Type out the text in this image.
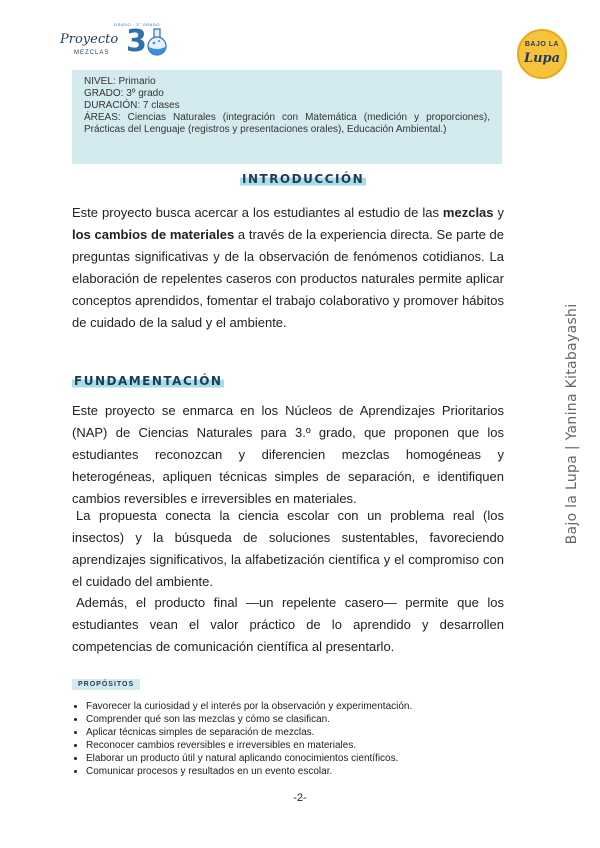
Proyecto
MEZCLAS
GRADO · 3° GRADO
3	BAJO LA
Lupa
NIVEL: Primario
GRADO: 3º grado
DURACIÓN: 7 clases
ÁREAS: Ciencias Naturales (integración con Matemática (medición y proporciones), Prácticas del Lenguaje (registros y presentaciones orales), Educación Ambiental.)
INTRODUCCIÓN
Este proyecto busca acercar a los estudiantes al estudio de las mezclas y los cambios de materiales a través de la experiencia directa. Se parte de preguntas significativas y de la observación de fenómenos cotidianos. La elaboración de repelentes caseros con productos naturales permite aplicar conceptos aprendidos, fomentar el trabajo colaborativo y promover hábitos de cuidado de la salud y el ambiente.
FUNDAMENTACIÓN
Este proyecto se enmarca en los Núcleos de Aprendizajes Prioritarios (NAP) de Ciencias Naturales para 3.º grado, que proponen que los estudiantes reconozcan y diferencien mezclas homogéneas y heterogéneas, apliquen técnicas simples de separación, e identifiquen cambios reversibles e irreversibles en materiales.
La propuesta conecta la ciencia escolar con un problema real (los insectos) y la búsqueda de soluciones sustentables, favoreciendo aprendizajes significativos, la alfabetización científica y el compromiso con el cuidado del ambiente.
Además, el producto final —un repelente casero— permite que los estudiantes vean el valor práctico de lo aprendido y desarrollen competencias de comunicación científica al presentarlo.
PROPÓSITOS
• Favorecer la curiosidad y el interés por la observación y experimentación.
• Comprender qué son las mezclas y cómo se clasifican.
• Aplicar técnicas simples de separación de mezclas.
• Reconocer cambios reversibles e irreversibles en materiales.
• Elaborar un producto útil y natural aplicando conocimientos científicos.
• Comunicar procesos y resultados en un evento escolar.
Bajo la Lupa | Yanina Kitabayashi
-2-
